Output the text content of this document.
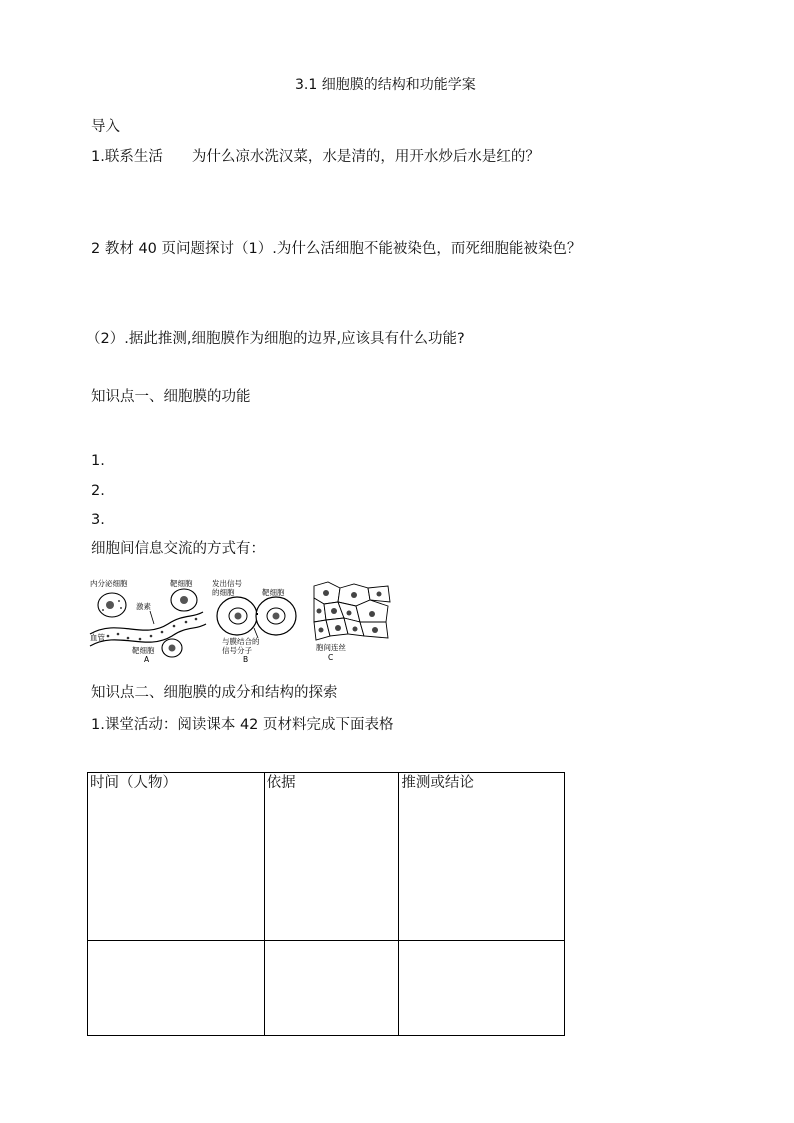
3.1 细胞膜的结构和功能学案
导入
1.联系生活　　为什么凉水洗汉菜，水是清的，用开水炒后水是红的？
2 教材 40 页问题探讨（1）.为什么活细胞不能被染色，而死细胞能被染色？
（2）.据此推测,细胞膜作为细胞的边界,应该具有什么功能?
知识点一、细胞膜的功能
1.
2.
3.
细胞间信息交流的方式有：
内分泌细胞	靶细胞
激素
血管
靶细胞
A
发出信号
的细胞	靶细胞
与膜结合的
信号分子
B
胞间连丝
C
知识点二、细胞膜的成分和结构的探索
1.课堂活动：阅读课本 42 页材料完成下面表格
时间（人物）	依据	推测或结论
